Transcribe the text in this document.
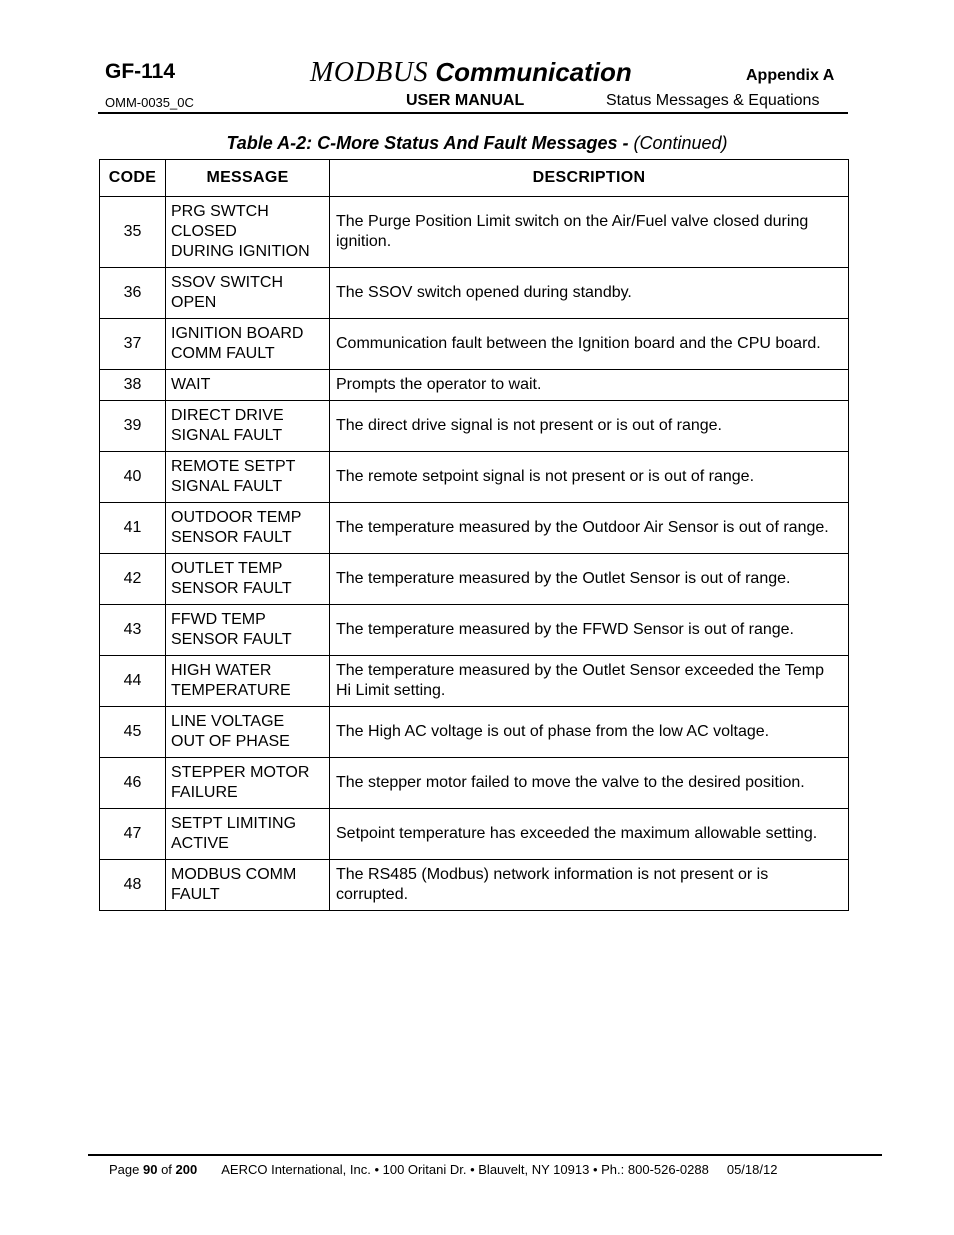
GF-114	MODBUS Communication	Appendix A
OMM-0035_0C	USER MANUAL	Status Messages & Equations
Table A-2: C-More Status And Fault Messages - (Continued)
CODE	MESSAGE	DESCRIPTION
35	PRG SWTCH
CLOSED
DURING IGNITION	The Purge Position Limit switch on the Air/Fuel valve closed during ignition.
36	SSOV SWITCH
OPEN	The SSOV switch opened during standby.
37	IGNITION BOARD
COMM FAULT	Communication fault between the Ignition board and the CPU board.
38	WAIT	Prompts the operator to wait.
39	DIRECT DRIVE
SIGNAL FAULT	The direct drive signal is not present or is out of range.
40	REMOTE SETPT
SIGNAL FAULT	The remote setpoint signal is not present or is out of range.
41	OUTDOOR TEMP
SENSOR FAULT	The temperature measured by the Outdoor Air Sensor is out of range.
42	OUTLET TEMP
SENSOR FAULT	The temperature measured by the Outlet Sensor is out of range.
43	FFWD TEMP
SENSOR FAULT	The temperature measured by the FFWD Sensor is out of range.
44	HIGH WATER
TEMPERATURE	The temperature measured by the Outlet Sensor exceeded the Temp Hi Limit setting.
45	LINE VOLTAGE
OUT OF PHASE	The High AC voltage is out of phase from the low AC voltage.
46	STEPPER MOTOR
FAILURE	The stepper motor failed to move the valve to the desired position.
47	SETPT LIMITING
ACTIVE	Setpoint temperature has exceeded the maximum allowable setting.
48	MODBUS COMM
FAULT	The RS485 (Modbus) network information is not present or is corrupted.
Page 90 of 200 AERCO International, Inc. • 100 Oritani Dr. • Blauvelt, NY 10913 • Ph.: 800-526-0288 05/18/12
